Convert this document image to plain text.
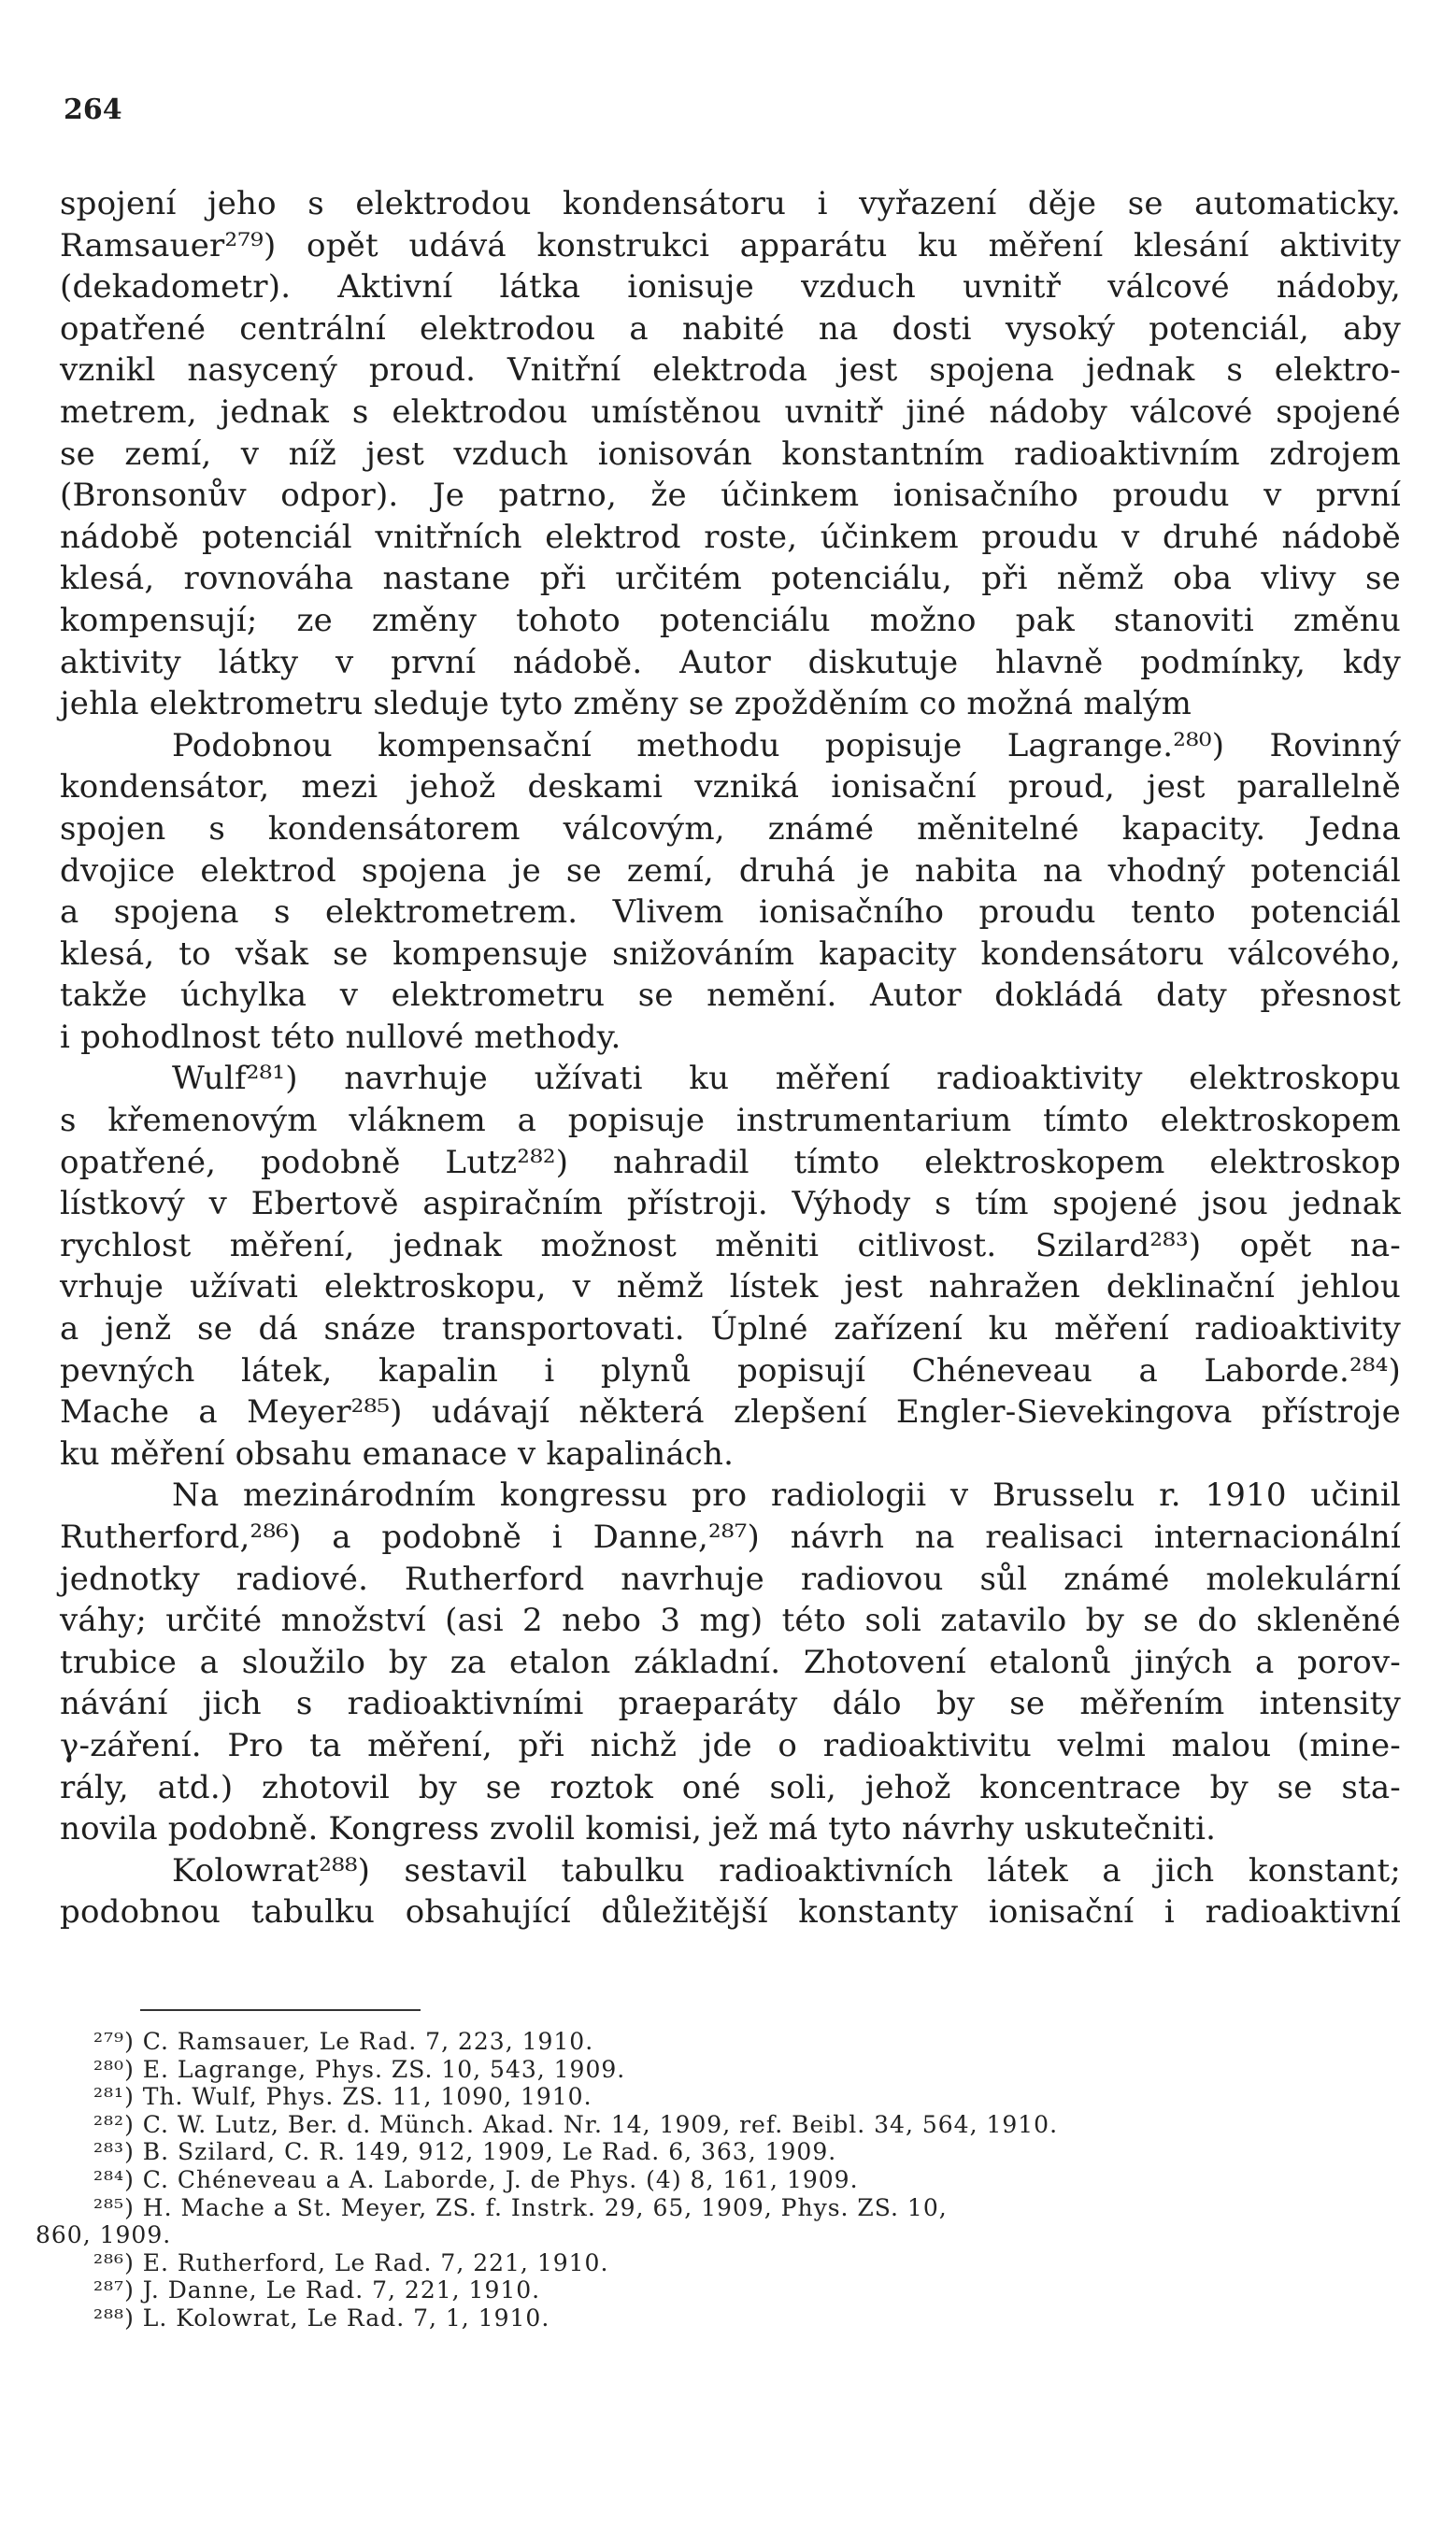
264
spojení jeho s elektrodou kondensátoru i vyřazení děje se automaticky.
Ramsauer²⁷⁹) opět udává konstrukci apparátu ku měření klesání aktivity
(dekadometr). Aktivní látka ionisuje vzduch uvnitř válcové nádoby,
opatřené centrální elektrodou a nabité na dosti vysoký potenciál, aby
vznikl nasycený proud. Vnitřní elektroda jest spojena jednak s elektro-
metrem, jednak s elektrodou umístěnou uvnitř jiné nádoby válcové spojené
se zemí, v níž jest vzduch ionisován konstantním radioaktivním zdrojem
(Bronsonův odpor). Je patrno, že účinkem ionisačního proudu v první
nádobě potenciál vnitřních elektrod roste, účinkem proudu v druhé nádobě
klesá, rovnováha nastane při určitém potenciálu, při němž oba vlivy se
kompensují; ze změny tohoto potenciálu možno pak stanoviti změnu
aktivity látky v první nádobě. Autor diskutuje hlavně podmínky, kdy
jehla elektrometru sleduje tyto změny se zpožděním co možná malým
Podobnou kompensační methodu popisuje Lagrange.²⁸⁰) Rovinný
kondensátor, mezi jehož deskami vzniká ionisační proud, jest parallelně
spojen s kondensátorem válcovým, známé měnitelné kapacity. Jedna
dvojice elektrod spojena je se zemí, druhá je nabita na vhodný potenciál
a spojena s elektrometrem. Vlivem ionisačního proudu tento potenciál
klesá, to však se kompensuje snižováním kapacity kondensátoru válcového,
takže úchylka v elektrometru se nemění. Autor dokládá daty přesnost
i pohodlnost této nullové methody.
Wulf²⁸¹) navrhuje užívati ku měření radioaktivity elektroskopu
s křemenovým vláknem a popisuje instrumentarium tímto elektroskopem
opatřené, podobně Lutz²⁸²) nahradil tímto elektroskopem elektroskop
lístkový v Ebertově aspiračním přístroji. Výhody s tím spojené jsou jednak
rychlost měření, jednak možnost měniti citlivost. Szilard²⁸³) opět na-
vrhuje užívati elektroskopu, v němž lístek jest nahražen deklinační jehlou
a jenž se dá snáze transportovati. Úplné zařízení ku měření radioaktivity
pevných látek, kapalin i plynů popisují Chéneveau a Laborde.²⁸⁴)
Mache a Meyer²⁸⁵) udávají některá zlepšení Engler-Sievekingova přístroje
ku měření obsahu emanace v kapalinách.
Na mezinárodním kongressu pro radiologii v Brusselu r. 1910 učinil
Rutherford,²⁸⁶) a podobně i Danne,²⁸⁷) návrh na realisaci internacionální
jednotky radiové. Rutherford navrhuje radiovou sůl známé molekulární
váhy; určité množství (asi 2 nebo 3 mg) této soli zatavilo by se do skleněné
trubice a sloužilo by za etalon základní. Zhotovení etalonů jiných a porov-
návání jich s radioaktivními praeparáty dálo by se měřením intensity
γ-záření. Pro ta měření, při nichž jde o radioaktivitu velmi malou (mine-
rály, atd.) zhotovil by se roztok oné soli, jehož koncentrace by se sta-
novila podobně. Kongress zvolil komisi, jež má tyto návrhy uskutečniti.
Kolowrat²⁸⁸) sestavil tabulku radioaktivních látek a jich konstant;
podobnou tabulku obsahující důležitější konstanty ionisační i radioaktivní
²⁷⁹) C. Ramsauer, Le Rad. 7, 223, 1910.
²⁸⁰) E. Lagrange, Phys. ZS. 10, 543, 1909.
²⁸¹) Th. Wulf, Phys. ZS. 11, 1090, 1910.
²⁸²) C. W. Lutz, Ber. d. Münch. Akad. Nr. 14, 1909, ref. Beibl. 34, 564, 1910.
²⁸³) B. Szilard, C. R. 149, 912, 1909, Le Rad. 6, 363, 1909.
²⁸⁴) C. Chéneveau a A. Laborde, J. de Phys. (4) 8, 161, 1909.
²⁸⁵) H. Mache a St. Meyer, ZS. f. Instrk. 29, 65, 1909, Phys. ZS. 10,
860, 1909.
²⁸⁶) E. Rutherford, Le Rad. 7, 221, 1910.
²⁸⁷) J. Danne, Le Rad. 7, 221, 1910.
²⁸⁸) L. Kolowrat, Le Rad. 7, 1, 1910.
